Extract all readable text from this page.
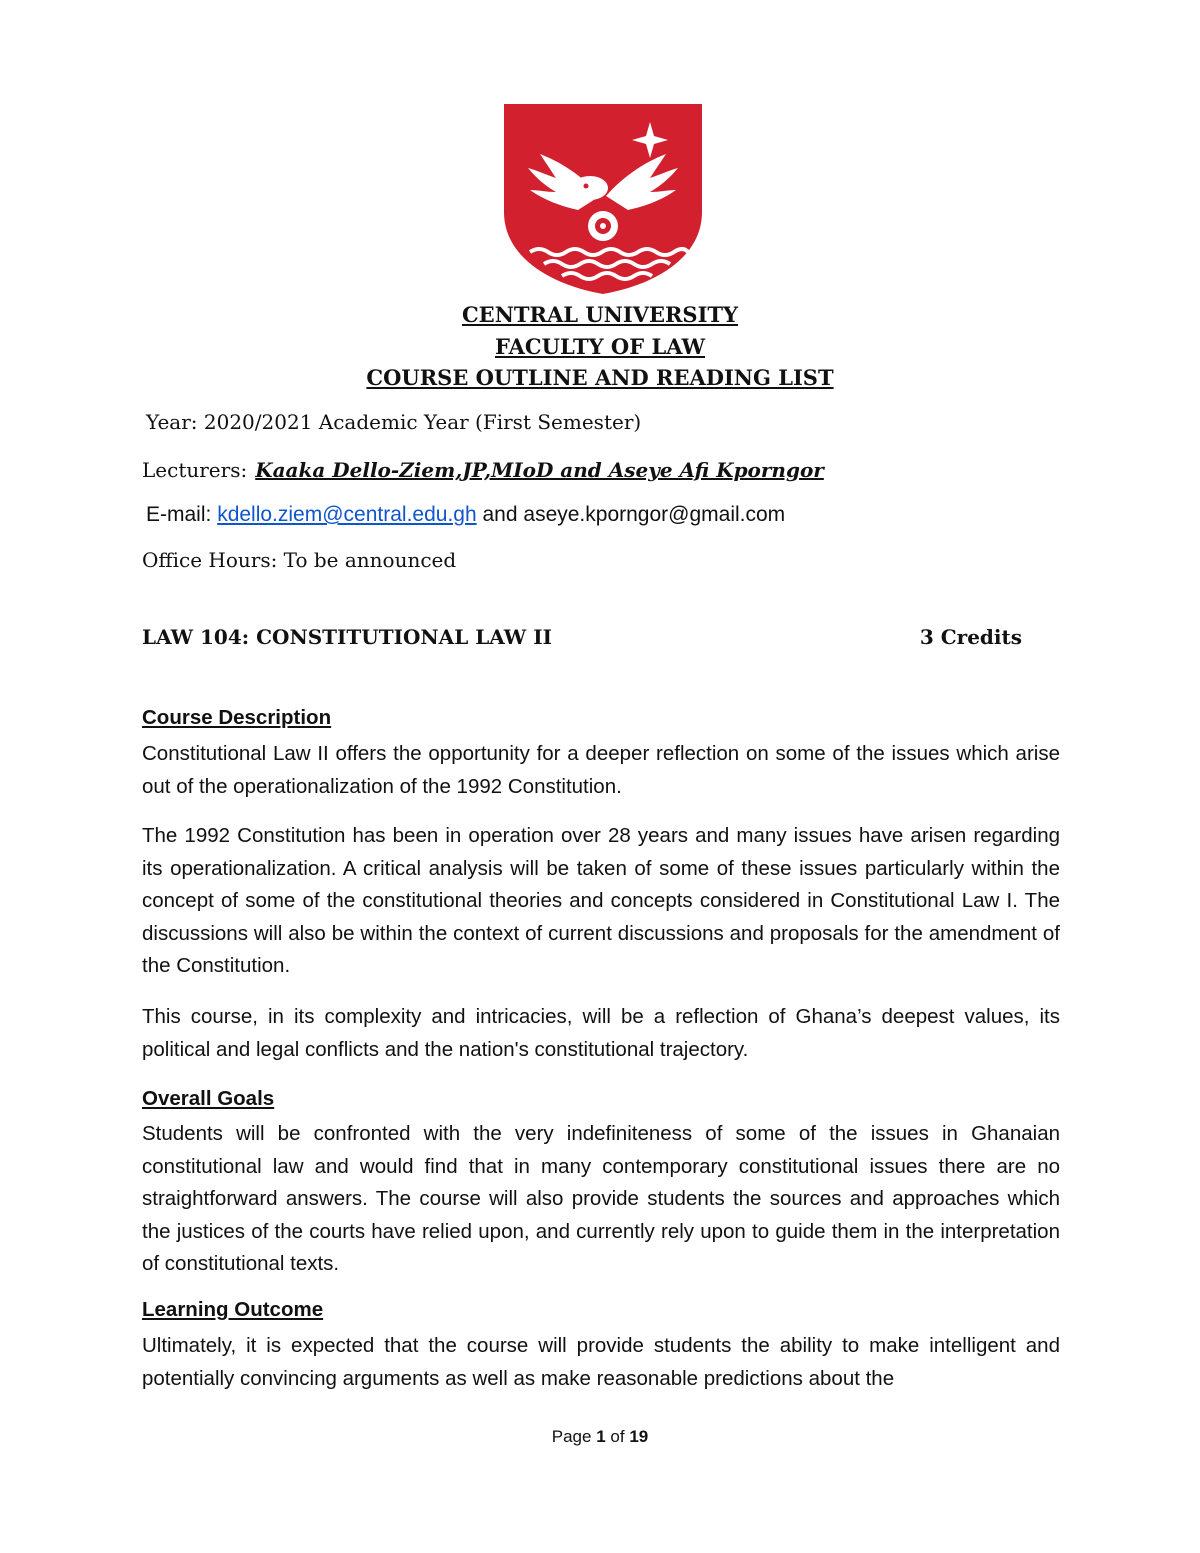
CENTRAL UNIVERSITY

FACULTY OF LAW

COURSE OUTLINE AND READING LIST

Year: 2020/2021 Academic Year (First Semester)

Lecturers: Kaaka Dello-Ziem,JP,MIoD and Aseye Afi Kporngor

E-mail: kdello.ziem@central.edu.gh and aseye.kporngor@gmail.com

Office Hours: To be announced

LAW 104: CONSTITUTIONAL LAW II	3 Credits

Course Description

Constitutional Law II offers the opportunity for a deeper reflection on some of the issues which arise out of the operationalization of the 1992 Constitution.

The 1992 Constitution has been in operation over 28 years and many issues have arisen regarding its operationalization. A critical analysis will be taken of some of these issues particularly within the concept of some of the constitutional theories and concepts considered in Constitutional Law I. The discussions will also be within the context of current discussions and proposals for the amendment of the Constitution.

This course, in its complexity and intricacies, will be a reflection of Ghana’s deepest values, its political and legal conflicts and the nation's constitutional trajectory.

Overall Goals

Students will be confronted with the very indefiniteness of some of the issues in Ghanaian constitutional law and would find that in many contemporary constitutional issues there are no straightforward answers. The course will also provide students the sources and approaches which the justices of the courts have relied upon, and currently rely upon to guide them in the interpretation of constitutional texts.

Learning Outcome

Ultimately, it is expected that the course will provide students the ability to make intelligent and potentially convincing arguments as well as make reasonable predictions about the

Page 1 of 19
